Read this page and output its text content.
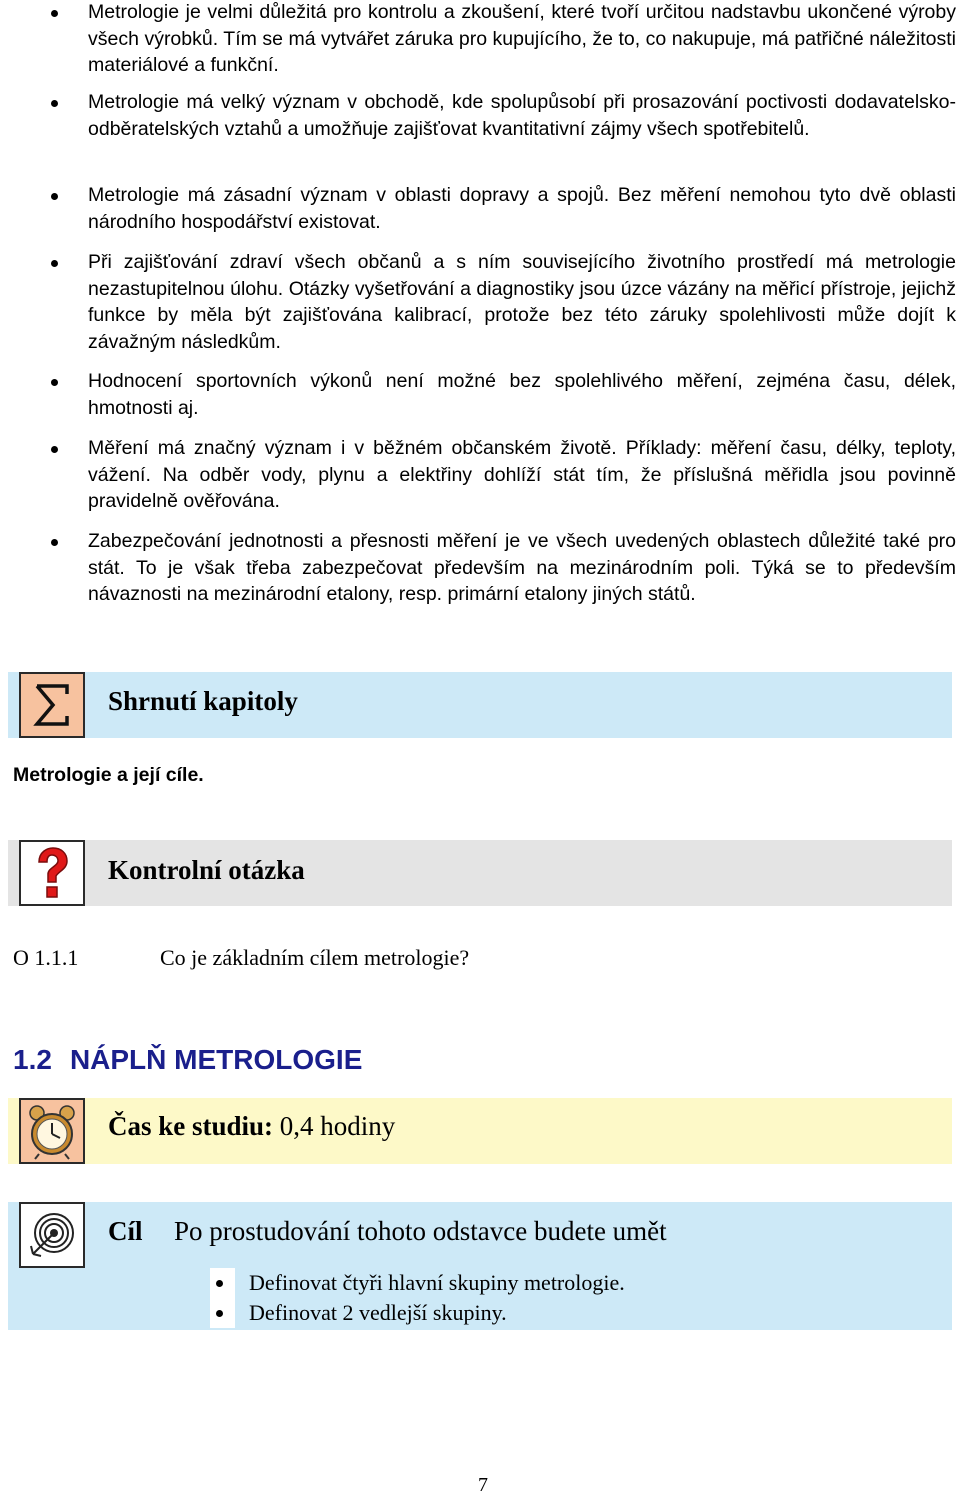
Metrologie je velmi důležitá pro kontrolu a zkoušení, které tvoří určitou nadstavbu ukončené výroby všech výrobků. Tím se má vytvářet záruka pro kupujícího, že to, co nakupuje, má patřičné náležitosti materiálové a funkční.
Metrologie má velký význam v obchodě, kde spolupůsobí při prosazování poctivosti dodavatelsko-odběratelských vztahů a umožňuje zajišťovat kvantitativní zájmy všech spotřebitelů.
Metrologie má zásadní význam v oblasti dopravy a spojů. Bez měření nemohou tyto dvě oblasti národního hospodářství existovat.
Při zajišťování zdraví všech občanů a s ním souvisejícího životního prostředí má metrologie nezastupitelnou úlohu. Otázky vyšetřování a diagnostiky jsou úzce vázány na měřicí přístroje, jejichž funkce by měla být zajišťována kalibrací, protože bez této záruky spolehlivosti může dojít k závažným následkům.
Hodnocení sportovních výkonů není možné bez spolehlivého měření, zejména času, délek, hmotnosti aj.
Měření má značný význam i v běžném občanském životě. Příklady: měření času, délky, teploty, vážení. Na odběr vody, plynu a elektřiny dohlíží stát tím, že příslušná měřidla jsou povinně pravidelně ověřována.
Zabezpečování jednotnosti a přesnosti měření je ve všech uvedených oblastech důležité také pro stát. To je však třeba zabezpečovat především na mezinárodním poli. Týká se to především návaznosti na mezinárodní etalony, resp. primární etalony jiných států.
Shrnutí kapitoly
Metrologie a její cíle.
Kontrolní otázka
O 1.1.1	Co je základním cílem metrologie?
1.2 NÁPLŇ METROLOGIE
Čas ke studiu: 0,4 hodiny
Cíl Po prostudování tohoto odstavce budete umět
Definovat čtyři hlavní skupiny metrologie.
Definovat 2 vedlejší skupiny.
7
